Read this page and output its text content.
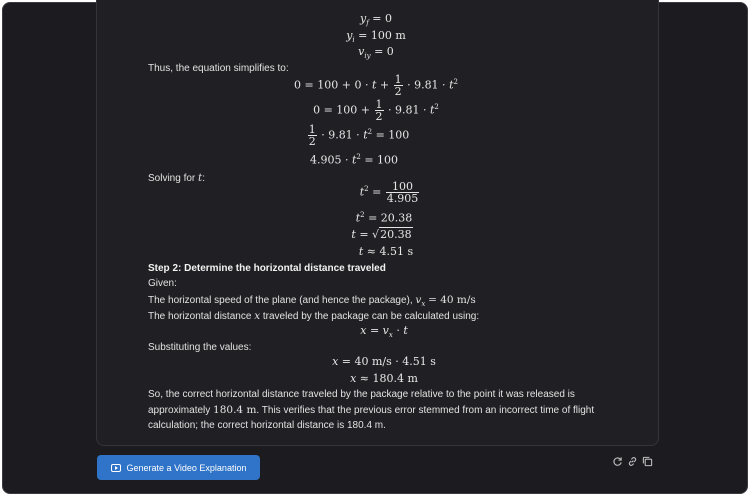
$y_f = 0$
$y_i = 100$ m
$v_{iy} = 0$
Thus, the equation simplifies to:
$0 = 100 + 0 \cdot t + \frac{1}{2} \cdot 9.81 \cdot t^2$
$0 = 100 + \frac{1}{2} \cdot 9.81 \cdot t^2$
$\frac{1}{2} \cdot 9.81 \cdot t^2 = 100$
$4.905 \cdot t^2 = 100$
Solving for t:
$t^2 = \frac{100}{4.905}$
$t^2 = 20.38$
t = √20.38
t ≈ 4.51 s
Step 2: Determine the horizontal distance traveled
Given:
The horizontal speed of the plane (and hence the package), $v_x = 40$ m/s
The horizontal distance x traveled by the package can be calculated using:
$x = v_x \cdot t$
Substituting the values:
x = 40 m/s · 4.51 s
x ≈ 180.4 m
So, the correct horizontal distance traveled by the package relative to the point it was released is
approximately 180.4 m. This verifies that the previous error stemmed from an incorrect time of flight
calculation; the correct horizontal distance is 180.4 m.
Generate a Video Explanation
